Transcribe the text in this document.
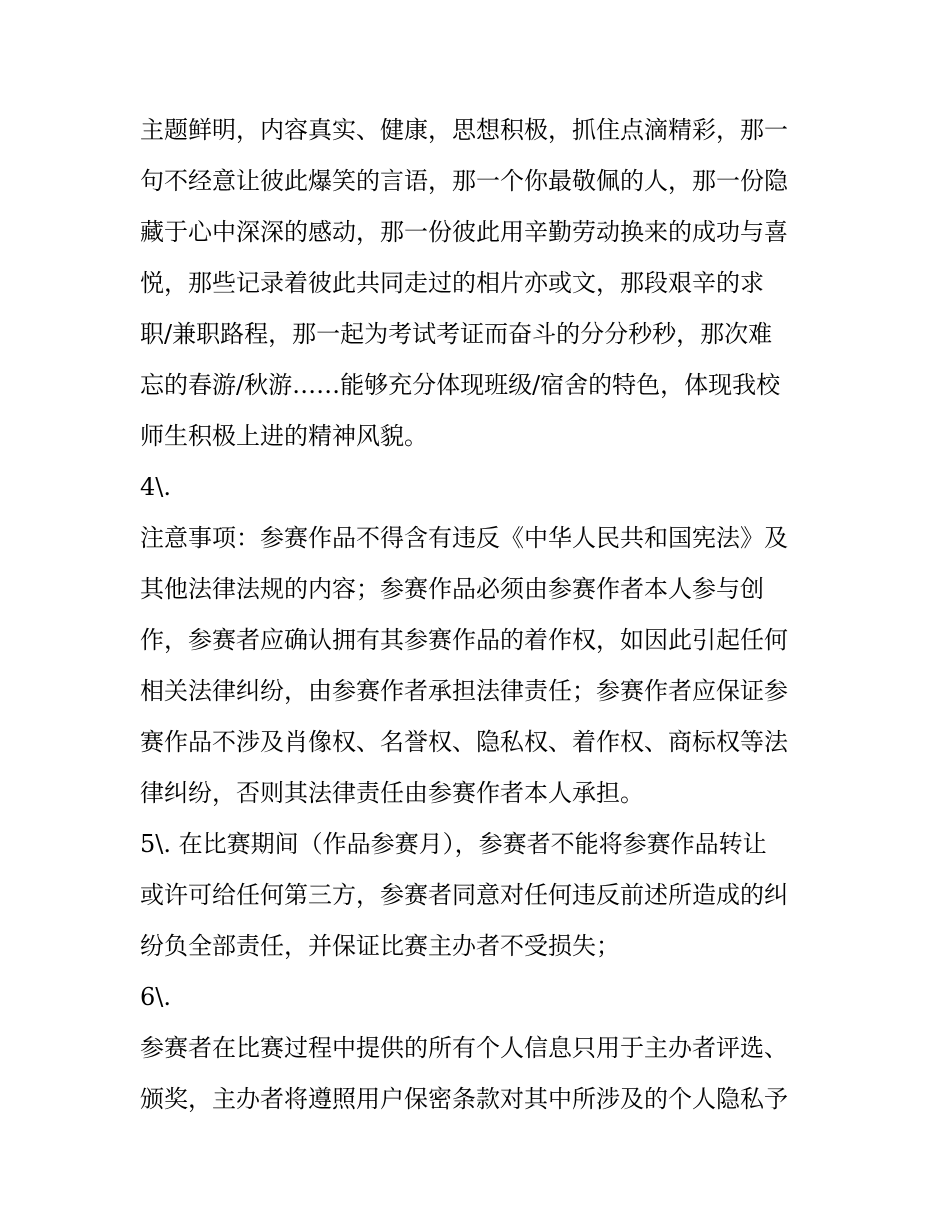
主题鲜明，内容真实、健康，思想积极，抓住点滴精彩，那一
句不经意让彼此爆笑的言语，那一个你最敬佩的人，那一份隐
藏于心中深深的感动，那一份彼此用辛勤劳动换来的成功与喜
悦，那些记录着彼此共同走过的相片亦或文，那段艰辛的求
职/兼职路程，那一起为考试考证而奋斗的分分秒秒，那次难
忘的春游/秋游……能够充分体现班级/宿舍的特色，体现我校
师生积极上进的精神风貌。
4\.
注意事项：参赛作品不得含有违反《中华人民共和国宪法》及
其他法律法规的内容；参赛作品必须由参赛作者本人参与创
作，参赛者应确认拥有其参赛作品的着作权，如因此引起任何
相关法律纠纷，由参赛作者承担法律责任；参赛作者应保证参
赛作品不涉及肖像权、名誉权、隐私权、着作权、商标权等法
律纠纷，否则其法律责任由参赛作者本人承担。
5\. 在比赛期间（作品参赛月），参赛者不能将参赛作品转让
或许可给任何第三方，参赛者同意对任何违反前述所造成的纠
纷负全部责任，并保证比赛主办者不受损失；
6\.
参赛者在比赛过程中提供的所有个人信息只用于主办者评选、
颁奖，主办者将遵照用户保密条款对其中所涉及的个人隐私予
